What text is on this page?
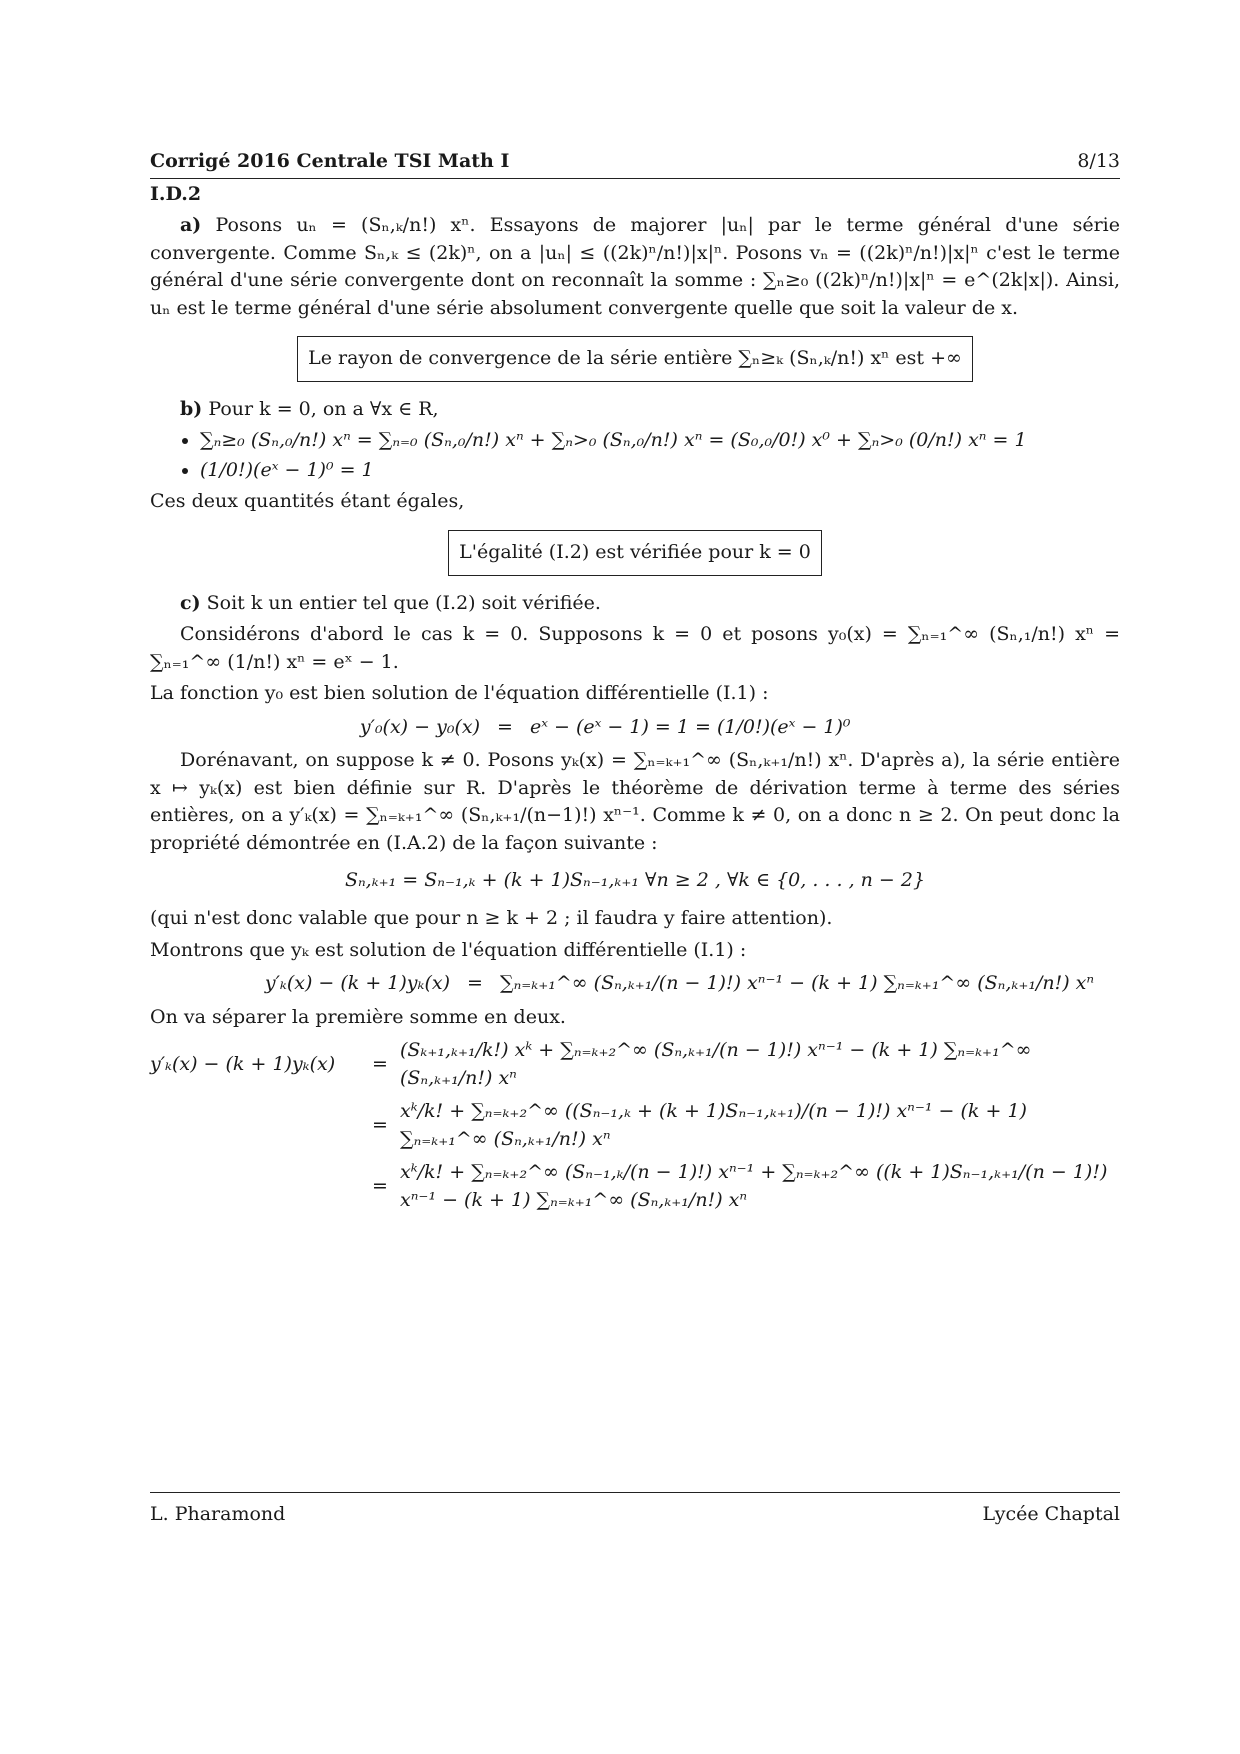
Corrigé 2016 Centrale TSI Math I	8/13
I.D.2

a) Posons uₙ = (Sₙ,ₖ/n!) xⁿ. Essayons de majorer |uₙ| par le terme général d'une série convergente. Comme Sₙ,ₖ ≤ (2k)ⁿ, on a |uₙ| ≤ ((2k)ⁿ/n!)|x|ⁿ. Posons vₙ = ((2k)ⁿ/n!)|x|ⁿ c'est le terme général d'une série convergente dont on reconnaît la somme : ∑ₙ≥₀ ((2k)ⁿ/n!)|x|ⁿ = e^(2k|x|). Ainsi, uₙ est le terme général d'une série absolument convergente quelle que soit la valeur de x.

Le rayon de convergence de la série entière ∑ₙ≥ₖ (Sₙ,ₖ/n!) xⁿ est +∞

b) Pour k = 0, on a ∀x ∈ R,

• ∑ₙ≥₀ (Sₙ,₀/n!) xⁿ = ∑ₙ₌₀ (Sₙ,₀/n!) xⁿ + ∑ₙ>₀ (Sₙ,₀/n!) xⁿ = (S₀,₀/0!) x⁰ + ∑ₙ>₀ (0/n!) xⁿ = 1
• (1/0!)(eˣ − 1)⁰ = 1

Ces deux quantités étant égales,

L'égalité (I.2) est vérifiée pour k = 0

c) Soit k un entier tel que (I.2) soit vérifiée.

Considérons d'abord le cas k = 0. Supposons k = 0 et posons y₀(x) = ∑ₙ₌₁^∞ (Sₙ,₁/n!) xⁿ = ∑ₙ₌₁^∞ (1/n!) xⁿ = eˣ − 1.

La fonction y₀ est bien solution de l'équation différentielle (I.1) :

y′₀(x) − y₀(x) = eˣ − (eˣ − 1) = 1 = (1/0!)(eˣ − 1)⁰

Dorénavant, on suppose k ≠ 0. Posons yₖ(x) = ∑ₙ₌ₖ₊₁^∞ (Sₙ,ₖ₊₁/n!) xⁿ. D'après a), la série entière x ↦ yₖ(x) est bien définie sur R. D'après le théorème de dérivation terme à terme des séries entières, on a y′ₖ(x) = ∑ₙ₌ₖ₊₁^∞ (Sₙ,ₖ₊₁/(n−1)!) xⁿ⁻¹. Comme k ≠ 0, on a donc n ≥ 2. On peut donc la propriété démontrée en (I.A.2) de la façon suivante :

Sₙ,ₖ₊₁ = Sₙ₋₁,ₖ + (k + 1)Sₙ₋₁,ₖ₊₁ ∀n ≥ 2 , ∀k ∈ {0, . . . , n − 2}

(qui n'est donc valable que pour n ≥ k + 2 ; il faudra y faire attention).

Montrons que yₖ est solution de l'équation différentielle (I.1) :

y′ₖ(x) − (k + 1)yₖ(x) = ∑ₙ₌ₖ₊₁^∞ (Sₙ,ₖ₊₁/(n − 1)!) xⁿ⁻¹ − (k + 1) ∑ₙ₌ₖ₊₁^∞ (Sₙ,ₖ₊₁/n!) xⁿ

On va séparer la première somme en deux.

y′ₖ(x) − (k + 1)yₖ(x)	=
(Sₖ₊₁,ₖ₊₁/k!) xᵏ + ∑ₙ₌ₖ₊₂^∞ (Sₙ,ₖ₊₁/(n − 1)!) xⁿ⁻¹ − (k + 1) ∑ₙ₌ₖ₊₁^∞ (Sₙ,ₖ₊₁/n!) xⁿ
=
xᵏ/k! + ∑ₙ₌ₖ₊₂^∞ ((Sₙ₋₁,ₖ + (k + 1)Sₙ₋₁,ₖ₊₁)/(n − 1)!) xⁿ⁻¹ − (k + 1) ∑ₙ₌ₖ₊₁^∞ (Sₙ,ₖ₊₁/n!) xⁿ
=
xᵏ/k! + ∑ₙ₌ₖ₊₂^∞ (Sₙ₋₁,ₖ/(n − 1)!) xⁿ⁻¹ + ∑ₙ₌ₖ₊₂^∞ ((k + 1)Sₙ₋₁,ₖ₊₁/(n − 1)!) xⁿ⁻¹ − (k + 1) ∑ₙ₌ₖ₊₁^∞ (Sₙ,ₖ₊₁/n!) xⁿ
L. Pharamond	Lycée Chaptal
